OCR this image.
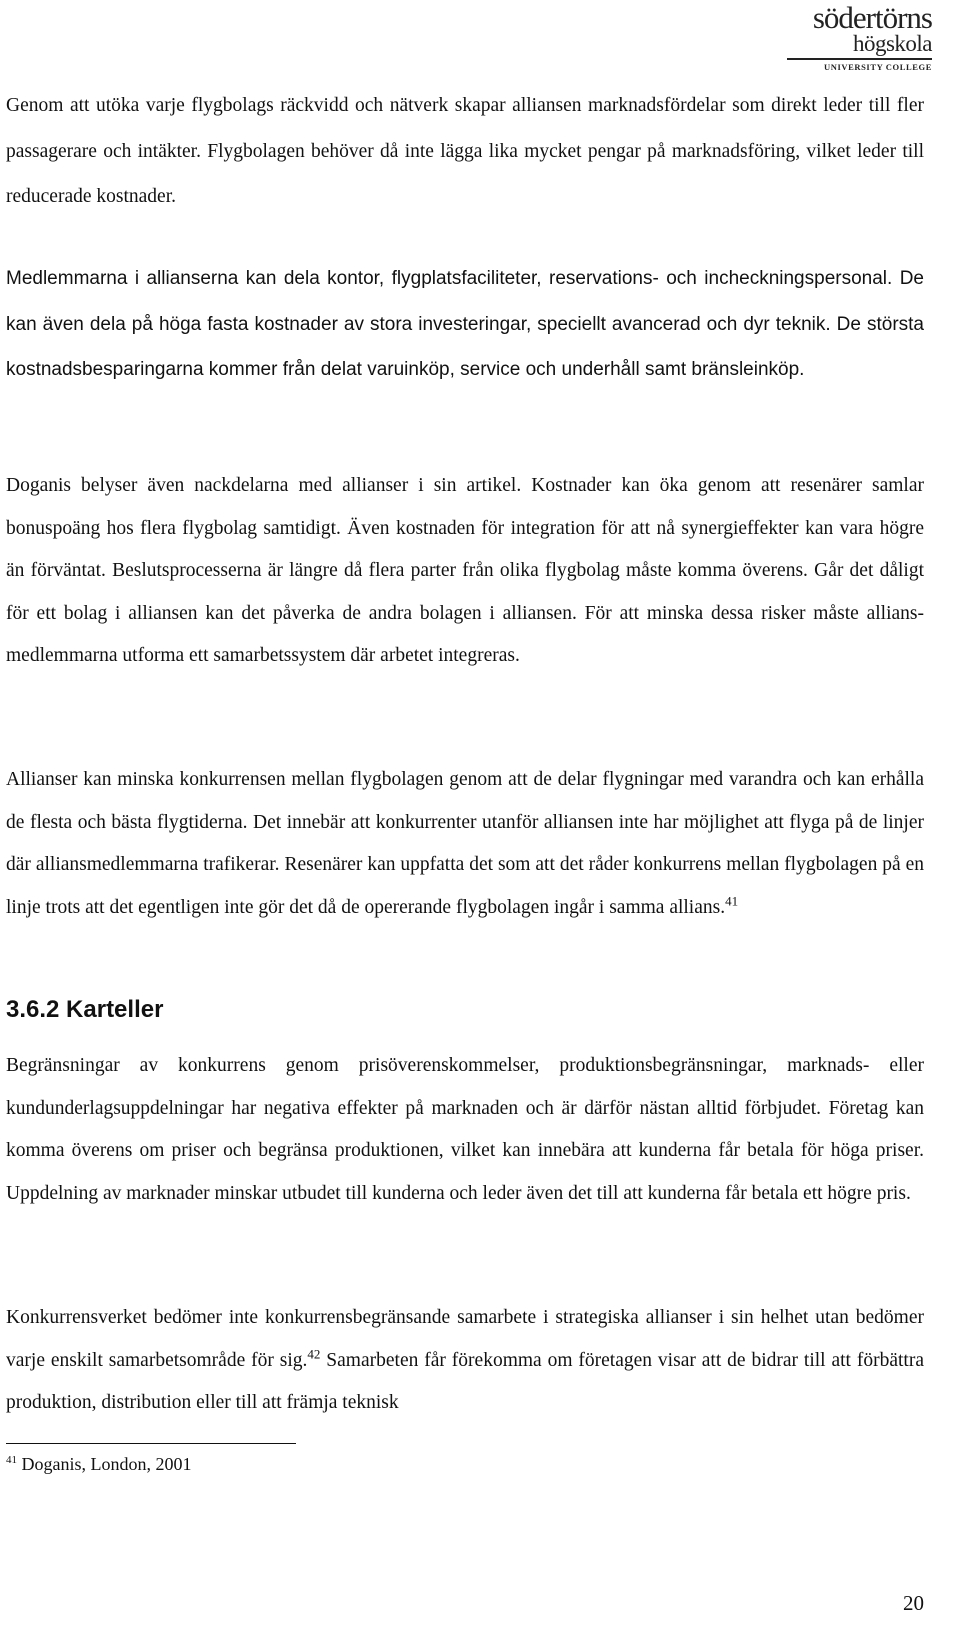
södertörns
högskola
UNIVERSITY COLLEGE

Genom att utöka varje flygbolags räckvidd och nätverk skapar alliansen marknadsfördelar som direkt leder till fler passagerare och intäkter. Flygbolagen behöver då inte lägga lika mycket pengar på marknadsföring, vilket leder till reducerade kostnader.

Medlemmarna i allianserna kan dela kontor, flygplatsfaciliteter, reservations- och incheckningspersonal. De kan även dela på höga fasta kostnader av stora investeringar, speciellt avancerad och dyr teknik. De största kostnadsbesparingarna kommer från delat varuinköp, service och underhåll samt bränsleinköp.

Doganis belyser även nackdelarna med allianser i sin artikel. Kostnader kan öka genom att resenärer samlar bonuspoäng hos flera flygbolag samtidigt. Även kostnaden för integration för att nå synergieffekter kan vara högre än förväntat. Beslutsprocesserna är längre då flera parter från olika flygbolag måste komma överens. Går det dåligt för ett bolag i alliansen kan det påverka de andra bolagen i alliansen. För att minska dessa risker måste allians-medlemmarna utforma ett samarbetssystem där arbetet integreras.

Allianser kan minska konkurrensen mellan flygbolagen genom att de delar flygningar med varandra och kan erhålla de flesta och bästa flygtiderna. Det innebär att konkurrenter utanför alliansen inte har möjlighet att flyga på de linjer där alliansmedlemmarna trafikerar. Resenärer kan uppfatta det som att det råder konkurrens mellan flygbolagen på en linje trots att det egentligen inte gör det då de opererande flygbolagen ingår i samma allians.$^{41}$

3.6.2 Karteller

Begränsningar av konkurrens genom prisöverenskommelser, produktionsbegränsningar, marknads- eller kundunderlagsuppdelningar har negativa effekter på marknaden och är därför nästan alltid förbjudet. Företag kan komma överens om priser och begränsa produktionen, vilket kan innebära att kunderna får betala för höga priser. Uppdelning av marknader minskar utbudet till kunderna och leder även det till att kunderna får betala ett högre pris.

Konkurrensverket bedömer inte konkurrensbegränsande samarbete i strategiska allianser i sin helhet utan bedömer varje enskilt samarbetsområde för sig.$^{42}$ Samarbeten får förekomma om företagen visar att de bidrar till att förbättra produktion, distribution eller till att främja teknisk

$^{41}$ Doganis, London, 2001

20
